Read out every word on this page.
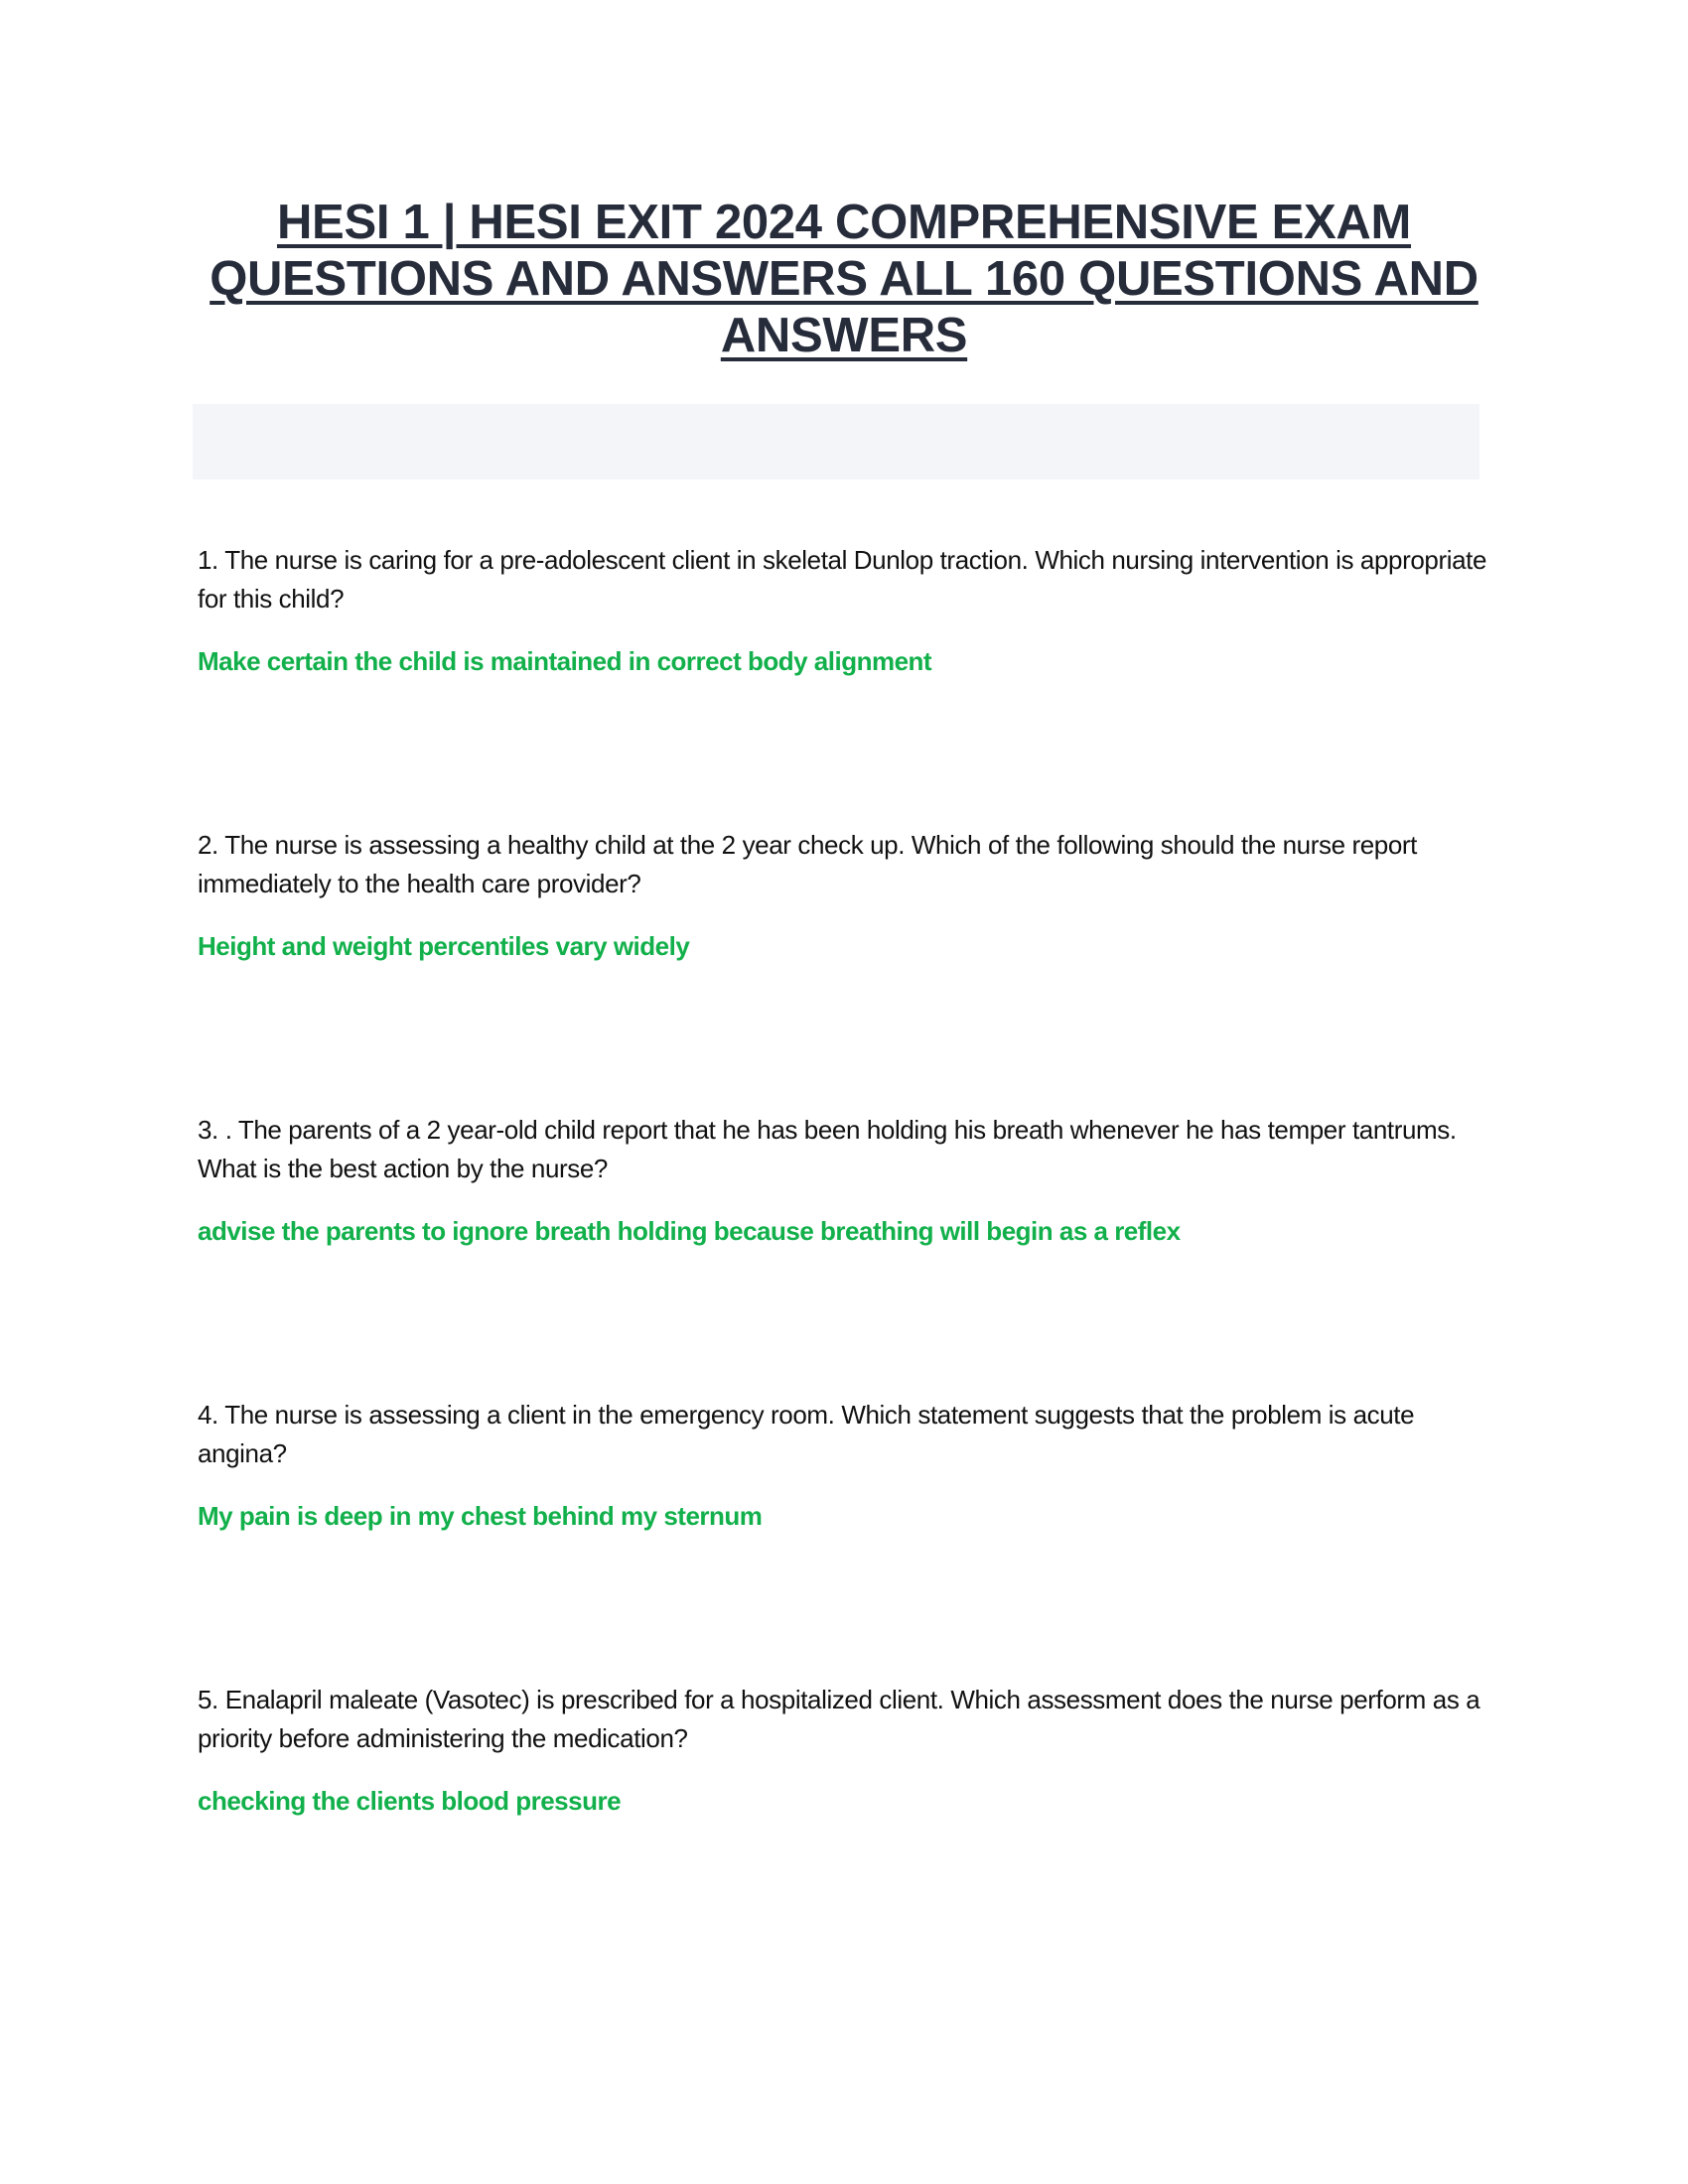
HESI 1 | HESI EXIT 2024 COMPREHENSIVE EXAM QUESTIONS AND ANSWERS ALL 160 QUESTIONS AND ANSWERS
1. The nurse is caring for a pre-adolescent client in skeletal Dunlop traction. Which nursing intervention is appropriate for this child?
Make certain the child is maintained in correct body alignment
2. The nurse is assessing a healthy child at the 2 year check up. Which of the following should the nurse report immediately to the health care provider?
Height and weight percentiles vary widely
3. . The parents of a 2 year-old child report that he has been holding his breath whenever he has temper tantrums. What is the best action by the nurse?
advise the parents to ignore breath holding because breathing will begin as a reflex
4. The nurse is assessing a client in the emergency room. Which statement suggests that the problem is acute angina?
My pain is deep in my chest behind my sternum
5. Enalapril maleate (Vasotec) is prescribed for a hospitalized client. Which assessment does the nurse perform as a priority before administering the medication?
checking the clients blood pressure
